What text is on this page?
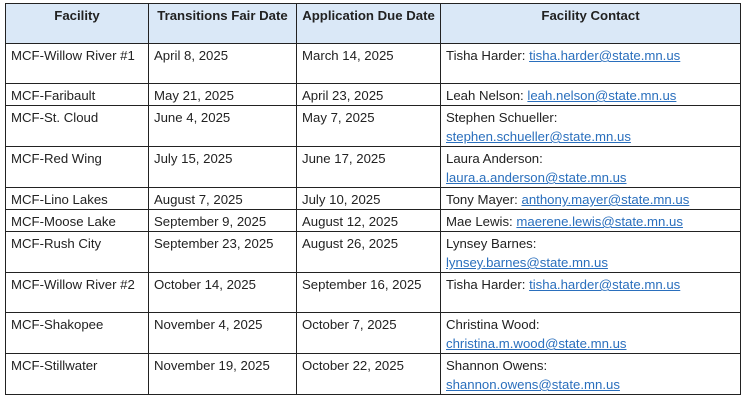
Facility	Transitions Fair Date	Application Due Date	Facility Contact
MCF-Willow River #1	April 8, 2025	March 14, 2025	Tisha Harder: tisha.harder@state.mn.us
MCF-Faribault	May 21, 2025	April 23, 2025	Leah Nelson: leah.nelson@state.mn.us
MCF-St. Cloud	June 4, 2025	May 7, 2025	Stephen Schueller:
stephen.schueller@state.mn.us

MCF-Red Wing	July 15, 2025	June 17, 2025	Laura Anderson:
laura.a.anderson@state.mn.us

MCF-Lino Lakes	August 7, 2025	July 10, 2025	Tony Mayer: anthony.mayer@state.mn.us
MCF-Moose Lake	September 9, 2025	August 12, 2025	Mae Lewis: maerene.lewis@state.mn.us
MCF-Rush City	September 23, 2025	August 26, 2025	Lynsey Barnes:
lynsey.barnes@state.mn.us

MCF-Willow River #2	October 14, 2025	September 16, 2025	Tisha Harder: tisha.harder@state.mn.us
MCF-Shakopee	November 4, 2025	October 7, 2025	Christina Wood:
christina.m.wood@state.mn.us

MCF-Stillwater	November 19, 2025	October 22, 2025	Shannon Owens:
shannon.owens@state.mn.us
